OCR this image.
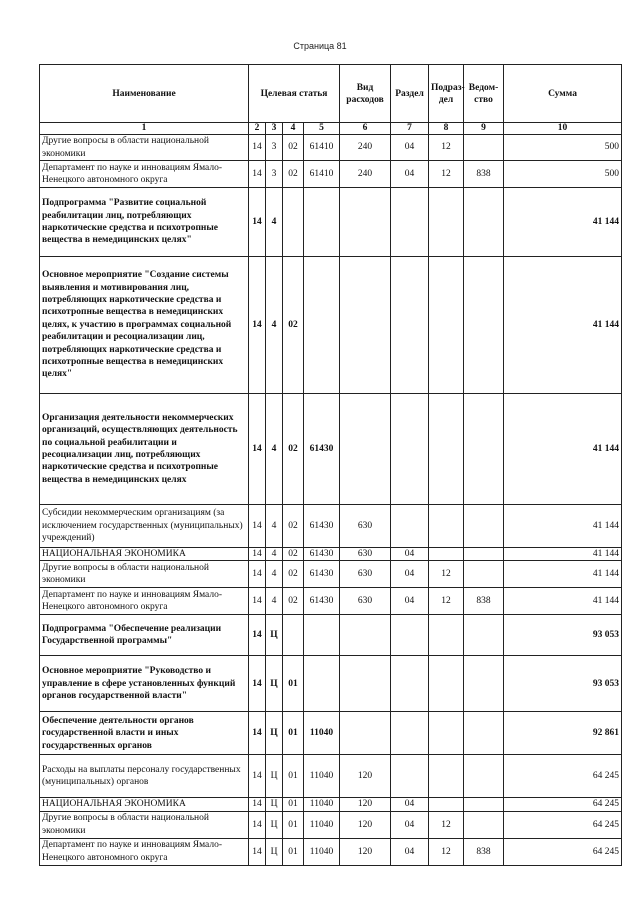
Страница 81
Наименование	Целевая статья				Вид расходов	Раздел	Подраз-дел	Ведом-ство	Сумма
1	2	3	4	5	6	7	8	9	10
Другие вопросы в области национальной экономики	14	3	02	61410	240	04	12		500
Департамент по науке и инновациям Ямало-Ненецкого автономного округа	14	3	02	61410	240	04	12	838	500
Подпрограмма "Развитие социальной реабилитации лиц, потребляющих наркотические средства и психотропные вещества в немедицинских целях"	14	4							41 144
Основное мероприятие "Создание системы выявления и мотивирования лиц, потребляющих наркотические средства и психотропные вещества в немедицинских целях, к участию в программах социальной реабилитации и ресоциализации лиц, потребляющих наркотические средства и психотропные вещества в немедицинских целях"	14	4	02						41 144
Организация деятельности некоммерческих организаций, осуществляющих деятельность по социальной реабилитации и ресоциализации лиц, потребляющих наркотические средства и психотропные вещества в немедицинских целях	14	4	02	61430					41 144
Субсидии некоммерческим организациям (за исключением государственных (муниципальных) учреждений)	14	4	02	61430	630				41 144
НАЦИОНАЛЬНАЯ ЭКОНОМИКА	14	4	02	61430	630	04			41 144
Другие вопросы в области национальной экономики	14	4	02	61430	630	04	12		41 144
Департамент по науке и инновациям Ямало-Ненецкого автономного округа	14	4	02	61430	630	04	12	838	41 144
Подпрограмма "Обеспечение реализации Государственной программы"	14	Ц							93 053
Основное мероприятие "Руководство и управление в сфере установленных функций органов государственной власти"	14	Ц	01						93 053
Обеспечение деятельности органов государственной власти и иных государственных органов	14	Ц	01	11040					92 861
Расходы на выплаты персоналу государственных (муниципальных) органов	14	Ц	01	11040	120				64 245
НАЦИОНАЛЬНАЯ ЭКОНОМИКА	14	Ц	01	11040	120	04			64 245
Другие вопросы в области национальной экономики	14	Ц	01	11040	120	04	12		64 245
Департамент по науке и инновациям Ямало-Ненецкого автономного округа	14	Ц	01	11040	120	04	12	838	64 245
